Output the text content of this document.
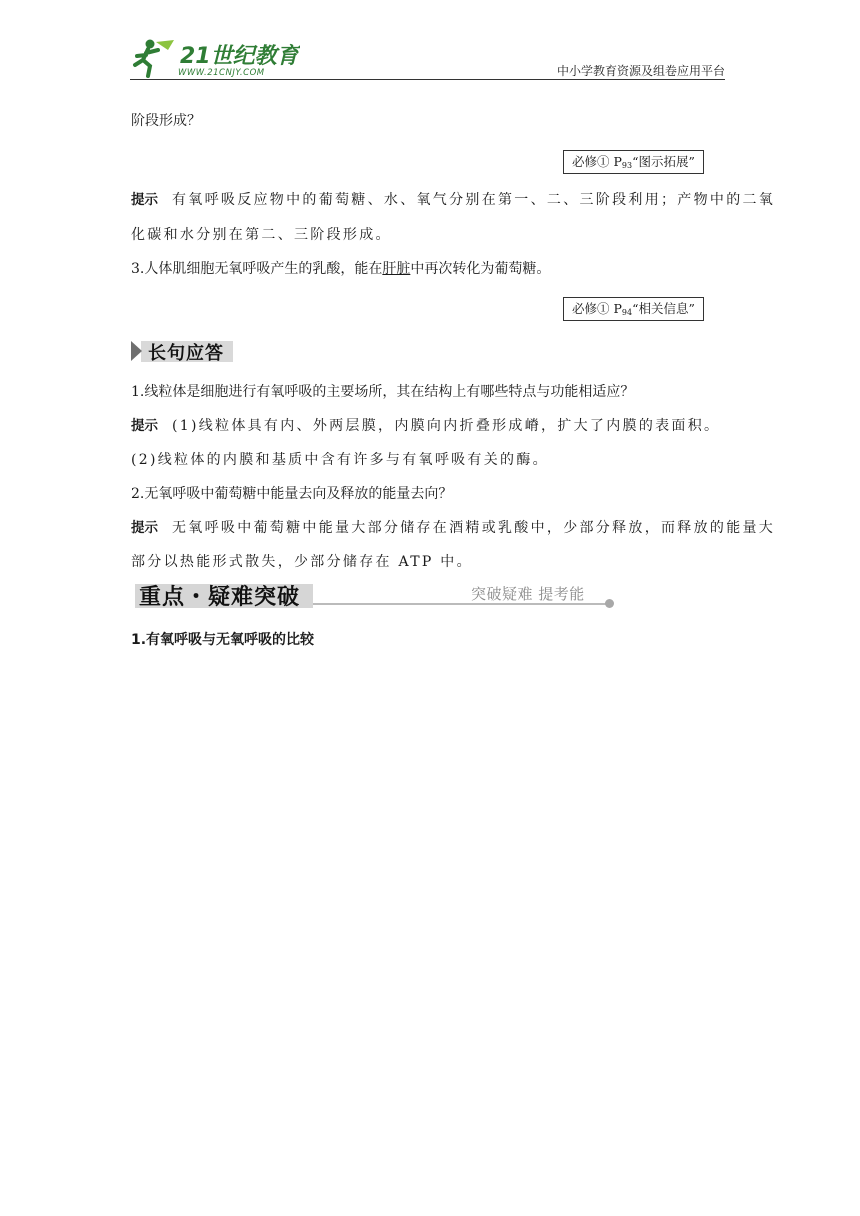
21世纪教育
WWW.21CNJY.COM	中小学教育资源及组卷应用平台
阶段形成？
必修① $P_{93}“$图示拓展”
提示 有氧呼吸反应物中的葡萄糖、水、氧气分别在第一、二、三阶段利用；产物中的二氧
化碳和水分别在第二、三阶段形成。
3.人体肌细胞无氧呼吸产生的乳酸，能在肝脏中再次转化为葡萄糖。
必修① $P_{94}“$相关信息”
长句应答
1.线粒体是细胞进行有氧呼吸的主要场所，其在结构上有哪些特点与功能相适应？
提示 (1)线粒体具有内、外两层膜，内膜向内折叠形成嵴，扩大了内膜的表面积。
(2)线粒体的内膜和基质中含有许多与有氧呼吸有关的酶。
2.无氧呼吸中葡萄糖中能量去向及释放的能量去向？
提示 无氧呼吸中葡萄糖中能量大部分储存在酒精或乳酸中，少部分释放，而释放的能量大
部分以热能形式散失，少部分储存在 ATP 中。
重点・疑难突破	突破疑难 提考能
1.有氧呼吸与无氧呼吸的比较
